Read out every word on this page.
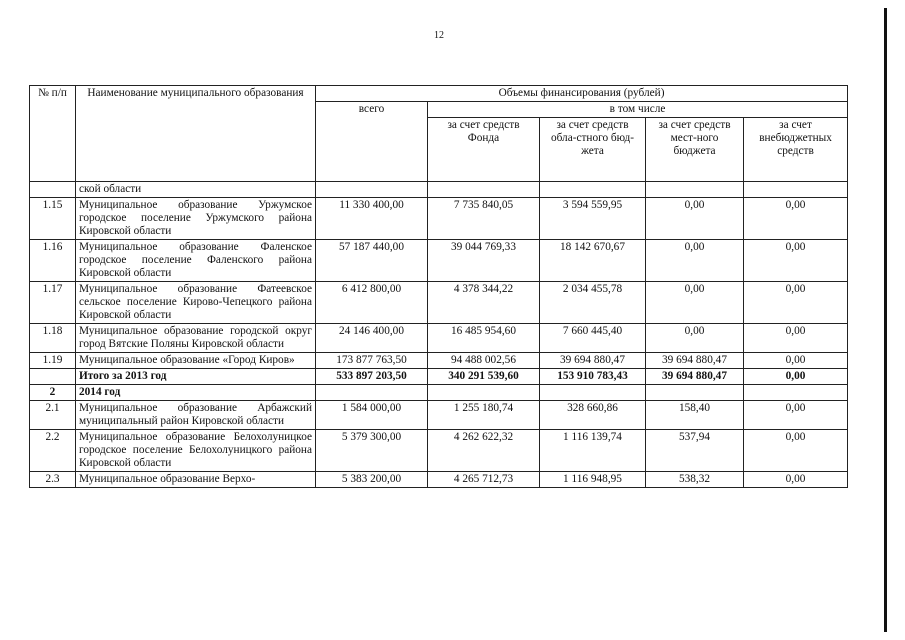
12
№ п/п	Наименование муниципального образования	Объемы финансирования (рублей)				
		всего	в том числе			
			за счет средств Фонда	за счет средств обла-стного бюд-жета	за счет средств мест-ного бюджета	за счет внебюджетных средств
	ской области					
1.15	Муниципальное образование Уржумское городское поселение Уржумского района Кировской области	11 330 400,00	7 735 840,05	3 594 559,95	0,00	0,00
1.16	Муниципальное образование Фаленское городское поселение Фаленского района Кировской области	57 187 440,00	39 044 769,33	18 142 670,67	0,00	0,00
1.17	Муниципальное образование Фатеевское сельское поселение Кирово-Чепецкого района Кировской области	6 412 800,00	4 378 344,22	2 034 455,78	0,00	0,00
1.18	Муниципальное образование городской округ город Вятские Поляны Кировской области	24 146 400,00	16 485 954,60	7 660 445,40	0,00	0,00
1.19	Муниципальное образование «Город Киров»	173 877 763,50	94 488 002,56	39 694 880,47	39 694 880,47	0,00
	Итого за 2013 год	533 897 203,50	340 291 539,60	153 910 783,43	39 694 880,47	0,00
2	2014 год					
2.1	Муниципальное образование Арбажский муниципальный район Кировской области	1 584 000,00	1 255 180,74	328 660,86	158,40	0,00
2.2	Муниципальное образование Белохолуницкое городское поселение Белохолуницкого района Кировской области	5 379 300,00	4 262 622,32	1 116 139,74	537,94	0,00
2.3	Муниципальное образование Верхо-	5 383 200,00	4 265 712,73	1 116 948,95	538,32	0,00
